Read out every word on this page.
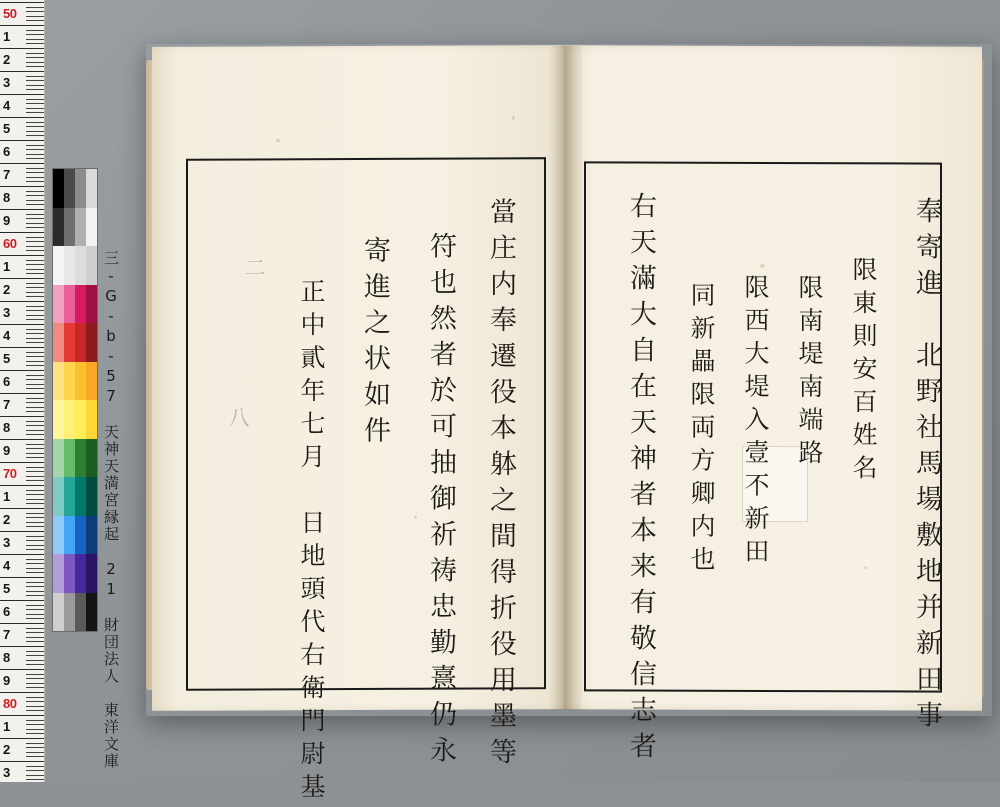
50
1
2
3
4
5
6
7
8
9
60
1
2
3
4
5
6
7
8
9
70
1
2
3
4
5
6
7
8
9
80
1
2
3
三-G-b-57　天神天満宮縁起　21　財団法人　東洋文庫	當庄内奉遷役本躰之間得折役用墨等
符也然者於可抽御祈祷忠勤憙仍永
寄進之状如件
正中貳年七月　日地頭代右衛門尉基
二
八	奉寄進　北野社馬場敷地并新田事
限東則安百姓名
限南堤南端路
限西大堤入壹不新田
同新畾限両方卿内也
右天滿大自在天神者本来有敬信志者
